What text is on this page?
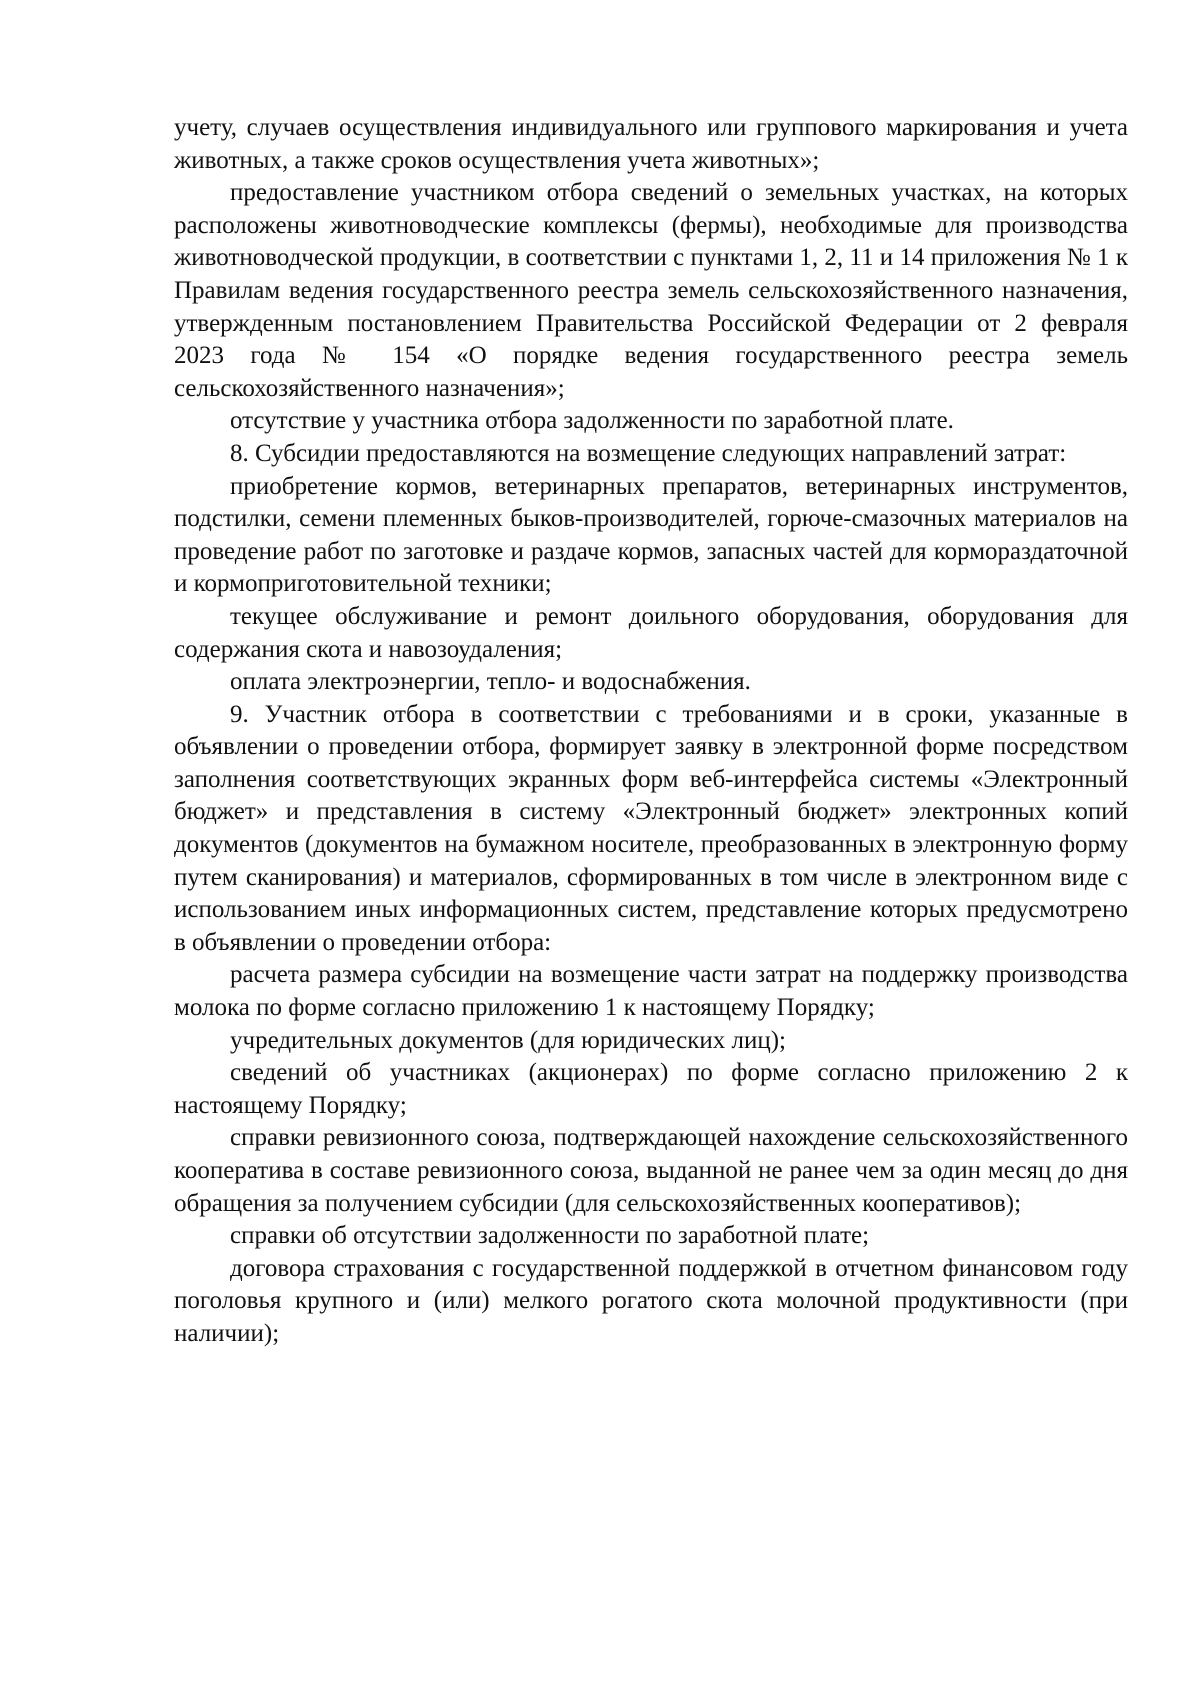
учету, случаев осуществления индивидуального или группового маркирования и учета животных, а также сроков осуществления учета животных»;

предоставление участником отбора сведений о земельных участках, на которых расположены животноводческие комплексы (фермы), необходимые для производства животноводческой продукции, в соответствии с пунктами 1, 2, 11 и 14 приложения № 1 к Правилам ведения государственного реестра земель сельскохозяйственного назначения, утвержденным постановлением Правительства Российской Федерации от 2 февраля 2023 года № 154 «О порядке ведения государственного реестра земель сельскохозяйственного назначения»;

отсутствие у участника отбора задолженности по заработной плате.

8. Субсидии предоставляются на возмещение следующих направлений затрат:

приобретение кормов, ветеринарных препаратов, ветеринарных инструментов, подстилки, семени племенных быков-производителей, горюче-смазочных материалов на проведение работ по заготовке и раздаче кормов, запасных частей для кормораздаточной и кормоприготовительной техники;

текущее обслуживание и ремонт доильного оборудования, оборудования для содержания скота и навозоудаления;

оплата электроэнергии, тепло- и водоснабжения.

9. Участник отбора в соответствии с требованиями и в сроки, указанные в объявлении о проведении отбора, формирует заявку в электронной форме посредством заполнения соответствующих экранных форм веб-интерфейса системы «Электронный бюджет» и представления в систему «Электронный бюджет» электронных копий документов (документов на бумажном носителе, преобразованных в электронную форму путем сканирования) и материалов, сформированных в том числе в электронном виде с использованием иных информационных систем, представление которых предусмотрено в объявлении о проведении отбора:

расчета размера субсидии на возмещение части затрат на поддержку производства молока по форме согласно приложению 1 к настоящему Порядку;

учредительных документов (для юридических лиц);

сведений об участниках (акционерах) по форме согласно приложению 2 к настоящему Порядку;

справки ревизионного союза, подтверждающей нахождение сельскохозяйственного кооператива в составе ревизионного союза, выданной не ранее чем за один месяц до дня обращения за получением субсидии (для сельскохозяйственных кооперативов);

справки об отсутствии задолженности по заработной плате;

договора страхования с государственной поддержкой в отчетном финансовом году поголовья крупного и (или) мелкого рогатого скота молочной продуктивности (при наличии);
